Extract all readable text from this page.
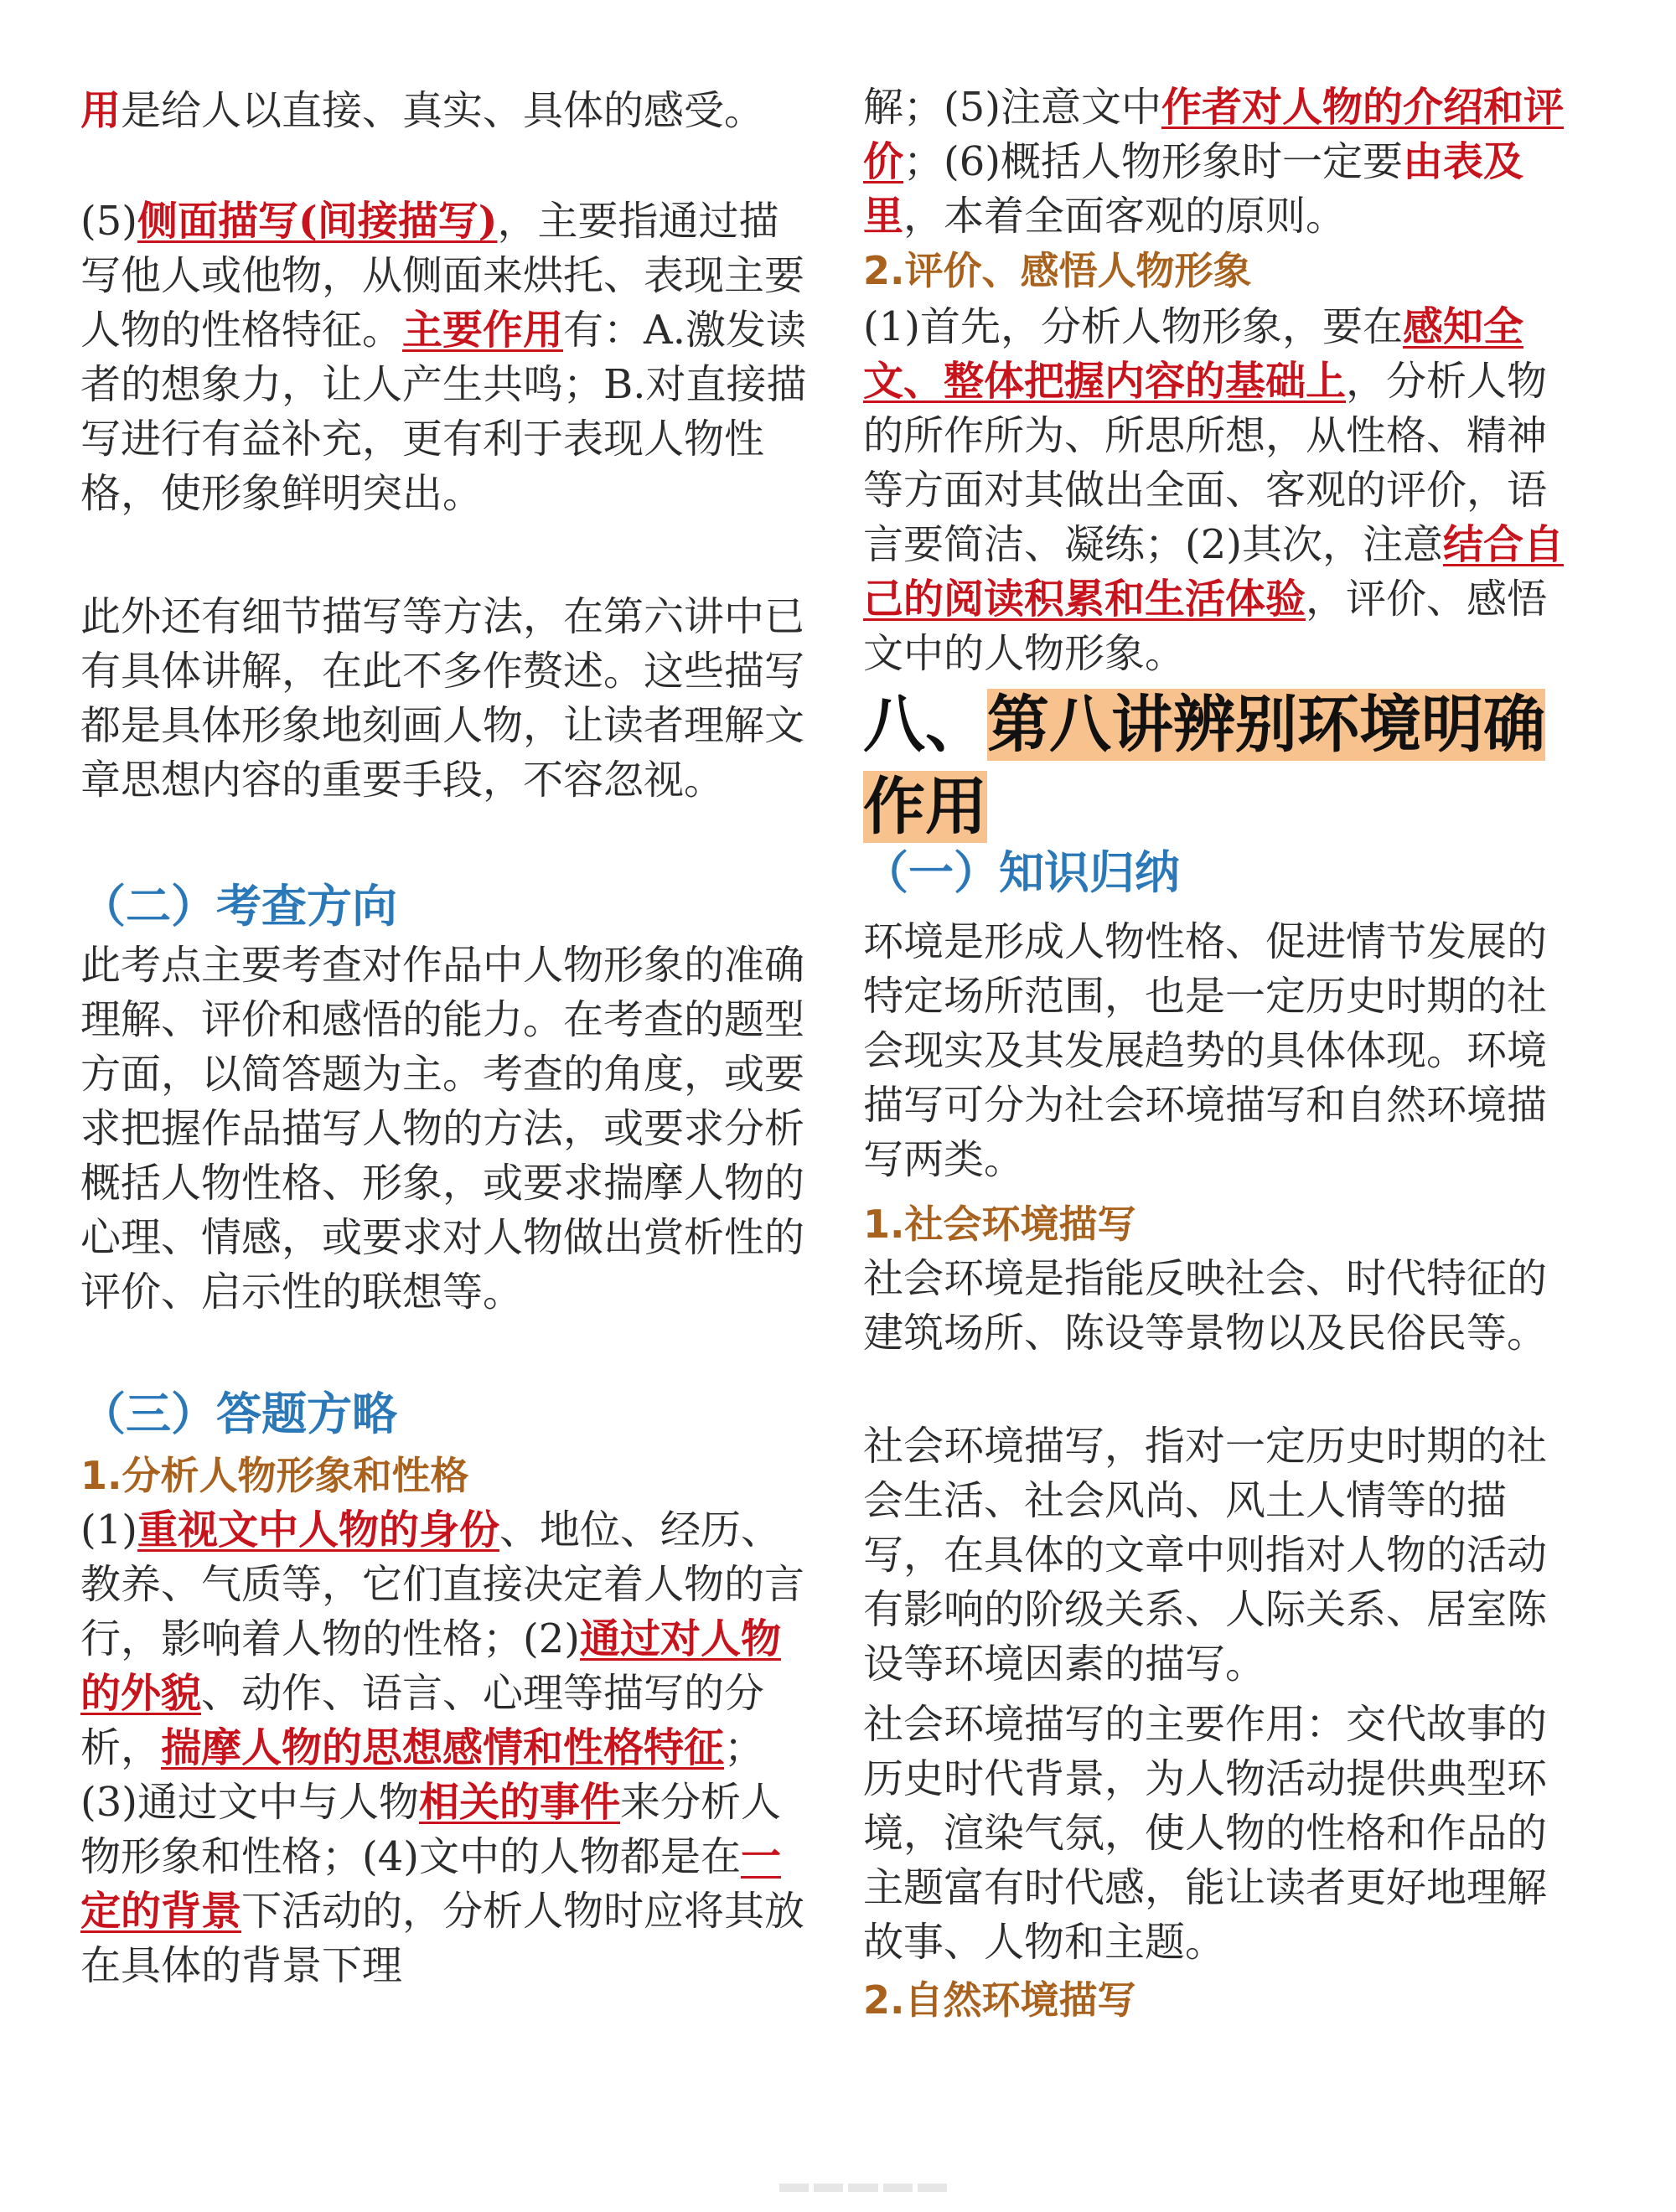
用是给人以直接、真实、具体的感受。
(5)侧面描写(间接描写)，主要指通过描写他人或他物，从侧面来烘托、表现主要人物的性格特征。主要作用有：A.激发读者的想象力，让人产生共鸣；B.对直接描写进行有益补充，更有利于表现人物性格，使形象鲜明突出。
此外还有细节描写等方法，在第六讲中已有具体讲解，在此不多作赘述。这些描写都是具体形象地刻画人物，让读者理解文章思想内容的重要手段，不容忽视。
（二）考查方向
此考点主要考查对作品中人物形象的准确理解、评价和感悟的能力。在考查的题型方面，以简答题为主。考查的角度，或要求把握作品描写人物的方法，或要求分析概括人物性格、形象，或要求揣摩人物的心理、情感，或要求对人物做出赏析性的评价、启示性的联想等。
（三）答题方略
1.分析人物形象和性格
(1)重视文中人物的身份、地位、经历、教养、气质等，它们直接决定着人物的言行，影响着人物的性格；(2)通过对人物的外貌、动作、语言、心理等描写的分析，揣摩人物的思想感情和性格特征；(3)通过文中与人物相关的事件来分析人物形象和性格；(4)文中的人物都是在一定的背景下活动的，分析人物时应将其放在具体的背景下理
解；(5)注意文中作者对人物的介绍和评价；(6)概括人物形象时一定要由表及里，本着全面客观的原则。
2.评价、感悟人物形象
(1)首先，分析人物形象，要在感知全文、整体把握内容的基础上，分析人物的所作所为、所思所想，从性格、精神等方面对其做出全面、客观的评价，语言要简洁、凝练；(2)其次，注意结合自己的阅读积累和生活体验，评价、感悟文中的人物形象。
八、第八讲辨别环境明确作用
（一）知识归纳
环境是形成人物性格、促进情节发展的特定场所范围，也是一定历史时期的社会现实及其发展趋势的具体体现。环境描写可分为社会环境描写和自然环境描写两类。
1.社会环境描写
社会环境是指能反映社会、时代特征的建筑场所、陈设等景物以及民俗民等。
社会环境描写，指对一定历史时期的社会生活、社会风尚、风土人情等的描写，在具体的文章中则指对人物的活动有影响的阶级关系、人际关系、居室陈设等环境因素的描写。
社会环境描写的主要作用：交代故事的历史时代背景，为人物活动提供典型环境，渲染气氛，使人物的性格和作品的主题富有时代感，能让读者更好地理解故事、人物和主题。
2.自然环境描写
